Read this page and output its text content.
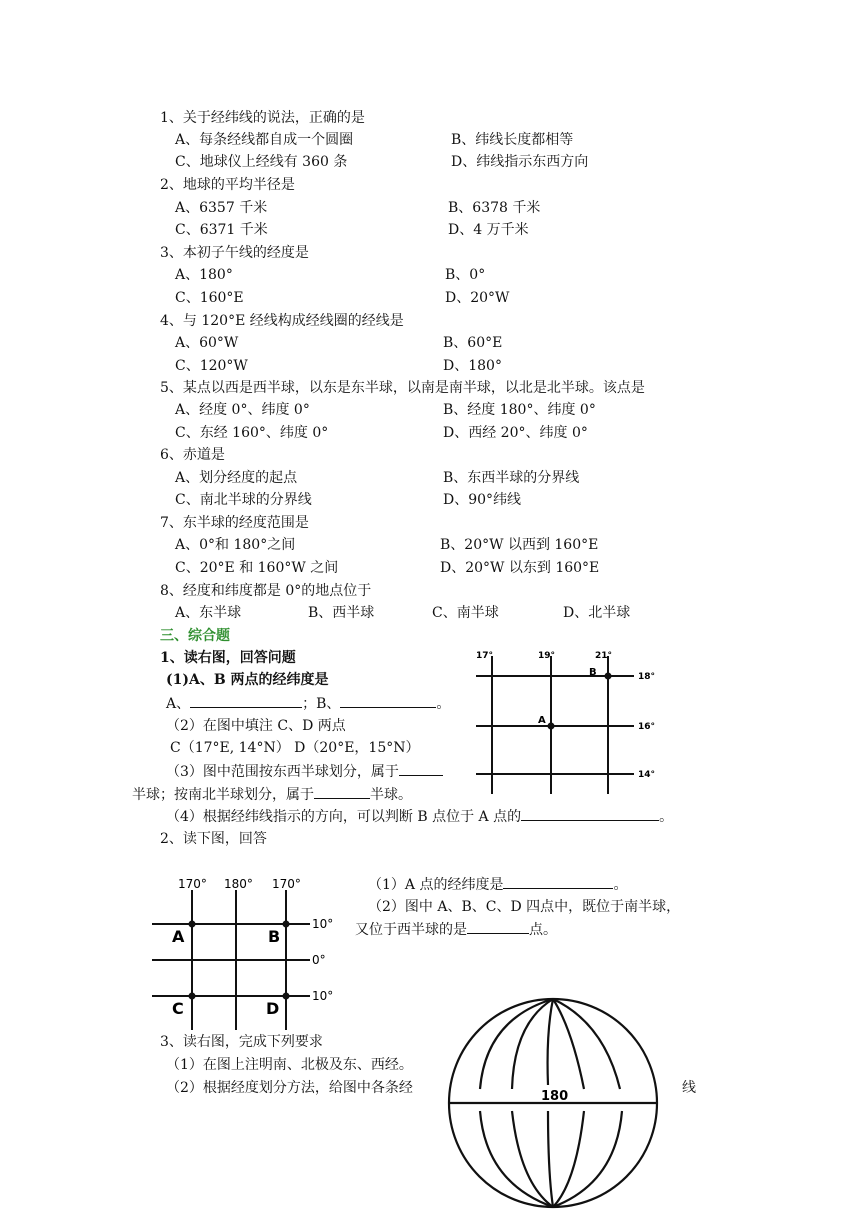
1、关于经纬线的说法，正确的是
A、每条经线都自成一个圆圈	B、纬线长度都相等
C、地球仪上经线有 360 条	D、纬线指示东西方向
2、地球的平均半径是
A、6357 千米	B、6378 千米
C、6371 千米	D、4 万千米
3、本初子午线的经度是
A、180°	B、0°
C、160°E	D、20°W
4、与 120°E 经线构成经线圈的经线是
A、60°W	B、60°E
C、120°W	D、180°
5、某点以西是西半球，以东是东半球，以南是南半球，以北是北半球。该点是
A、经度 0°、纬度 0°	B、经度 180°、纬度 0°
C、东经 160°、纬度 0°	D、西经 20°、纬度 0°
6、赤道是
A、划分经度的起点	B、东西半球的分界线
C、南北半球的分界线	D、90°纬线
7、东半球的经度范围是
A、0°和 180°之间	B、20°W 以西到 160°E
C、20°E 和 160°W 之间	D、20°W 以东到 160°E
8、经度和纬度都是 0°的地点位于
A、东半球	B、西半球	C、南半球	D、北半球
三、综合题
1、读右图，回答问题
(1)A、B 两点的经纬度是
A、	；B、	。
（2）在图中填注 C、D 两点
C（17°E, 14°N） D（20°E，15°N）
（3）图中范围按东西半球划分，属于
半球；按南北半球划分，属于	半球。
（4）根据经纬线指示的方向，可以判断 B 点位于 A 点的	。
2、读下图，回答
（1）A 点的经纬度是	。
（2）图中 A、B、C、D 四点中，既位于南半球，
又位于西半球的是	点。
3、读右图，完成下列要求
（1）在图上注明南、北极及东、西经。
（2）根据经度划分方法，给图中各条经	线
17°	19°	21°
18°
16°
14°
B
A
170° 180° 170°
10°
0°
10°
A	B
C	D
180
